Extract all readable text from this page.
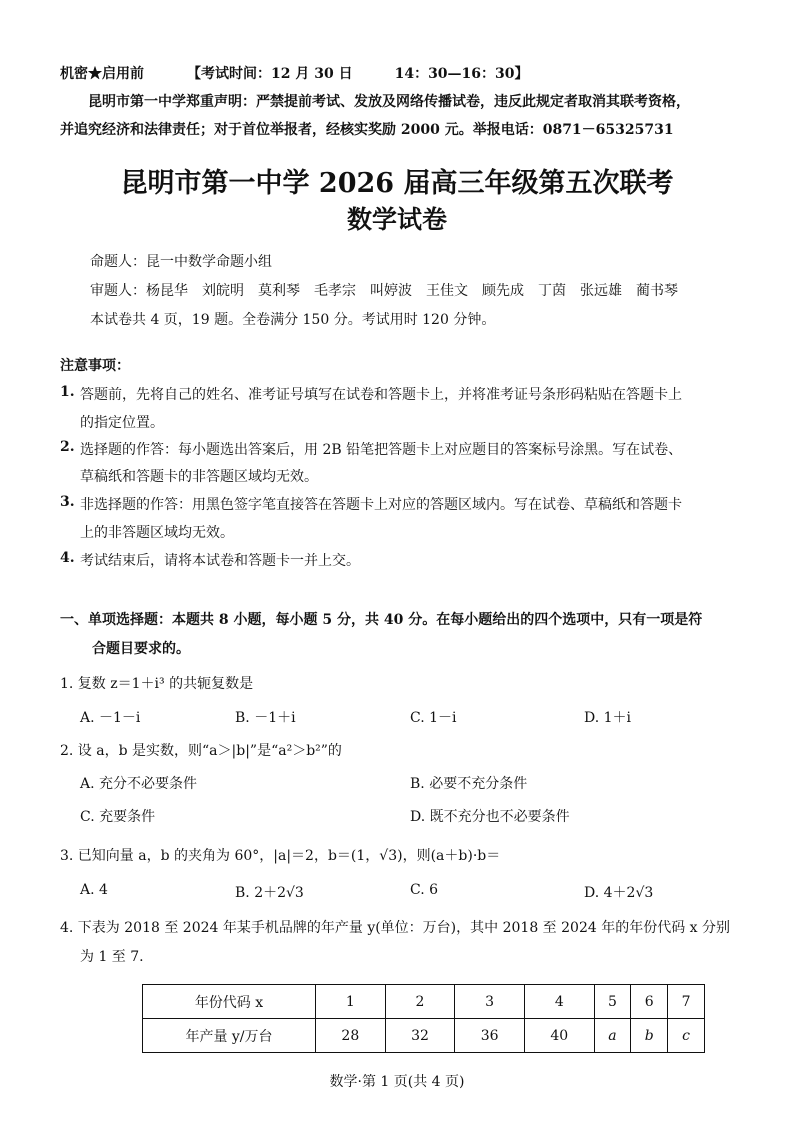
机密★启用前	【考试时间：12 月 30 日　　　14：30—16：30】
昆明市第一中学郑重声明：严禁提前考试、发放及网络传播试卷，违反此规定者取消其联考资格，
并追究经济和法律责任；对于首位举报者，经核实奖励 2000 元。举报电话：0871－65325731
昆明市第一中学 2026 届高三年级第五次联考
数学试卷
命题人：昆一中数学命题小组
审题人：杨昆华　刘皖明　莫利琴　毛孝宗　叫婷波　王佳文　顾先成　丁茵　张远雄　蔺书琴
本试卷共 4 页，19 题。全卷满分 150 分。考试用时 120 分钟。
注意事项：
1. 答题前，先将自己的姓名、准考证号填写在试卷和答题卡上，并将准考证号条形码粘贴在答题卡上
的指定位置。
2. 选择题的作答：每小题选出答案后，用 2B 铅笔把答题卡上对应题目的答案标号涂黑。写在试卷、
草稿纸和答题卡的非答题区域均无效。
3. 非选择题的作答：用黑色签字笔直接答在答题卡上对应的答题区域内。写在试卷、草稿纸和答题卡
上的非答题区域均无效。
4. 考试结束后，请将本试卷和答题卡一并上交。
一、单项选择题：本题共 8 小题，每小题 5 分，共 40 分。在每小题给出的四个选项中，只有一项是符
合题目要求的。
1. 复数 z＝1＋i³ 的共轭复数是
A. －1－i	B. －1＋i	C. 1－i	D. 1＋i
2. 设 a，b 是实数，则“a＞|b|”是“a²＞b²”的
A. 充分不必要条件	B. 必要不充分条件
C. 充要条件	D. 既不充分也不必要条件
3. 已知向量 a，b 的夹角为 60°，|a|＝2，b＝(1，√3)，则(a＋b)·b＝
A. 4	B. 2＋2√3	C. 6	D. 4＋2√3
4. 下表为 2018 至 2024 年某手机品牌的年产量 y(单位：万台)，其中 2018 至 2024 年的年份代码 x 分别
为 1 至 7.
年份代码 x	1	2	3	4	5	6	7
年产量 y/万台	28	32	36	40	a	b	c
数学·第 1 页(共 4 页)
